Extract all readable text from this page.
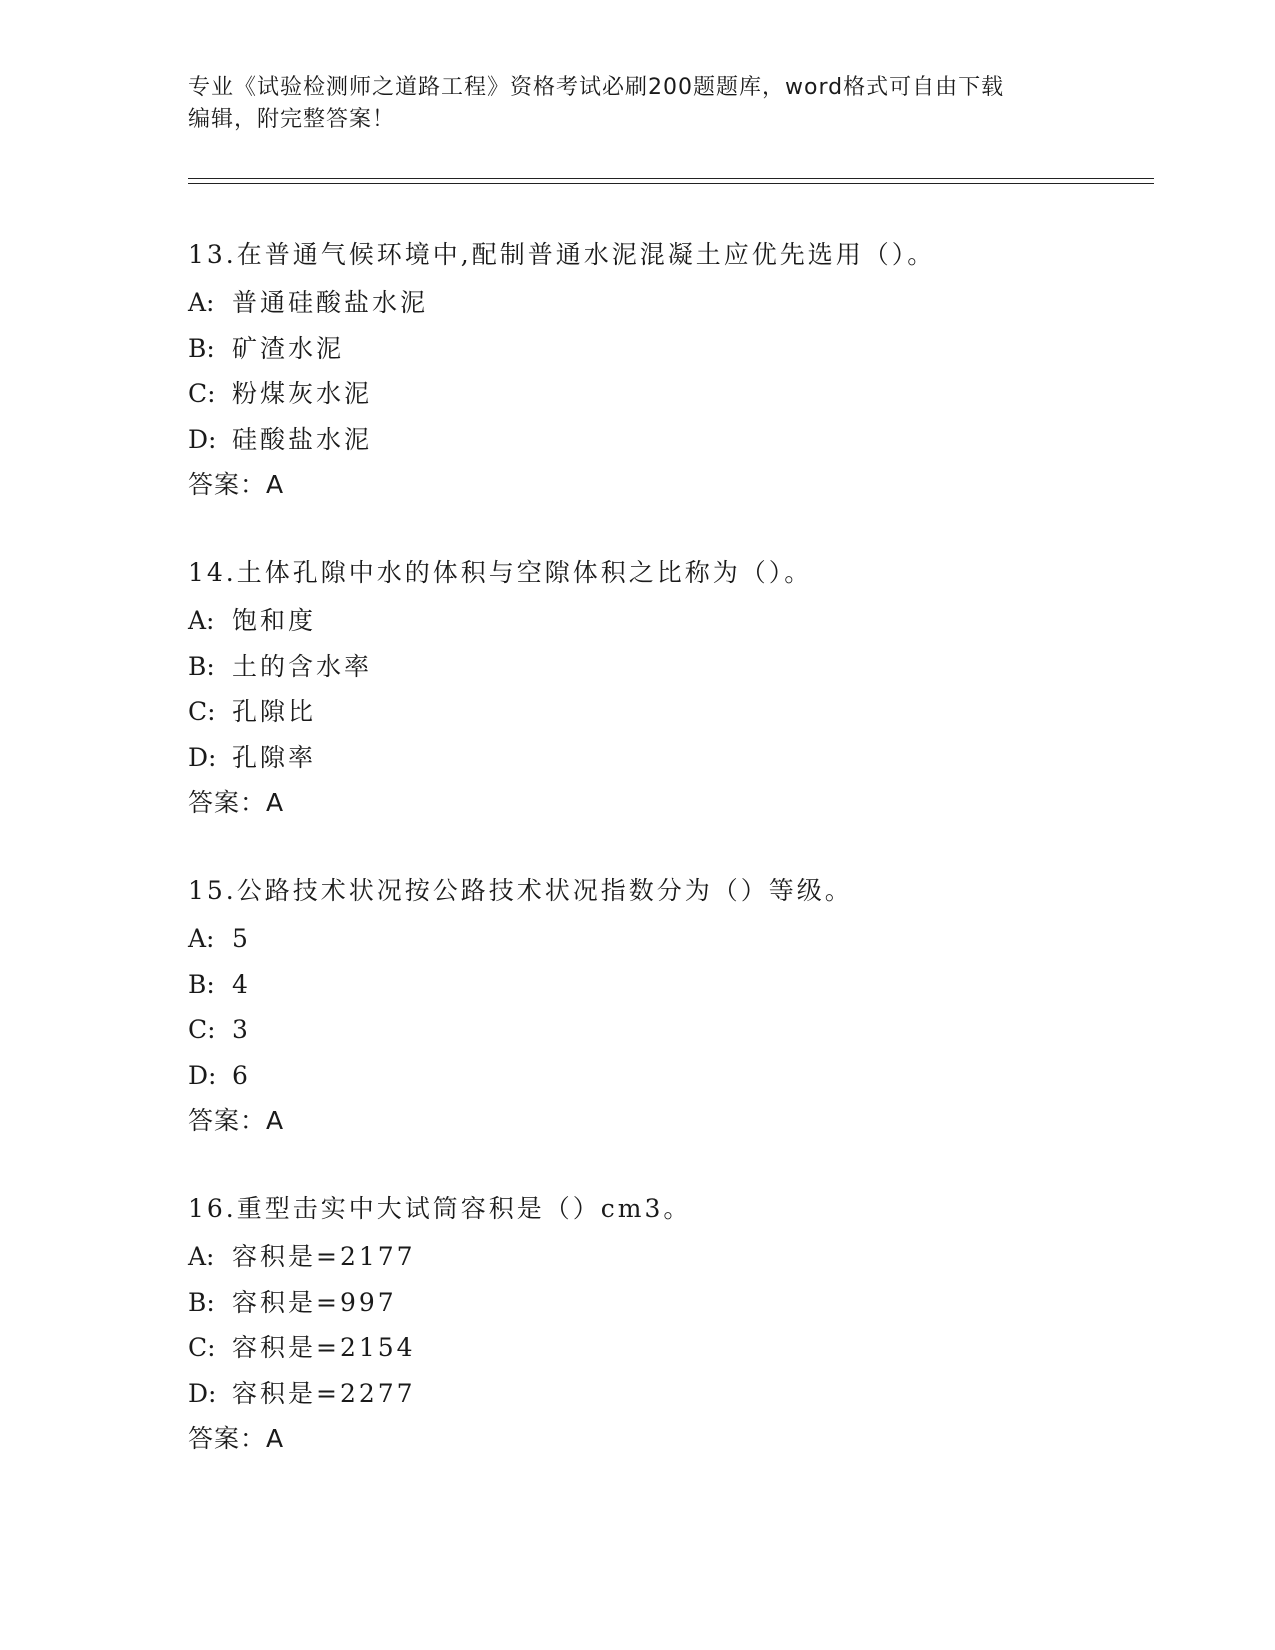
专业《试验检测师之道路工程》资格考试必刷200题题库，word格式可自由下载
编辑，附完整答案！
13.在普通气候环境中,配制普通水泥混凝土应优先选用（）。
A: 普通硅酸盐水泥
B: 矿渣水泥
C: 粉煤灰水泥
D: 硅酸盐水泥
答案：A
14.土体孔隙中水的体积与空隙体积之比称为（）。
A: 饱和度
B: 土的含水率
C: 孔隙比
D: 孔隙率
答案：A
15.公路技术状况按公路技术状况指数分为（）等级。
A: 5
B: 4
C: 3
D: 6
答案：A
16.重型击实中大试筒容积是（）cm3。
A: 容积是=2177
B: 容积是=997
C: 容积是=2154
D: 容积是=2277
答案：A
